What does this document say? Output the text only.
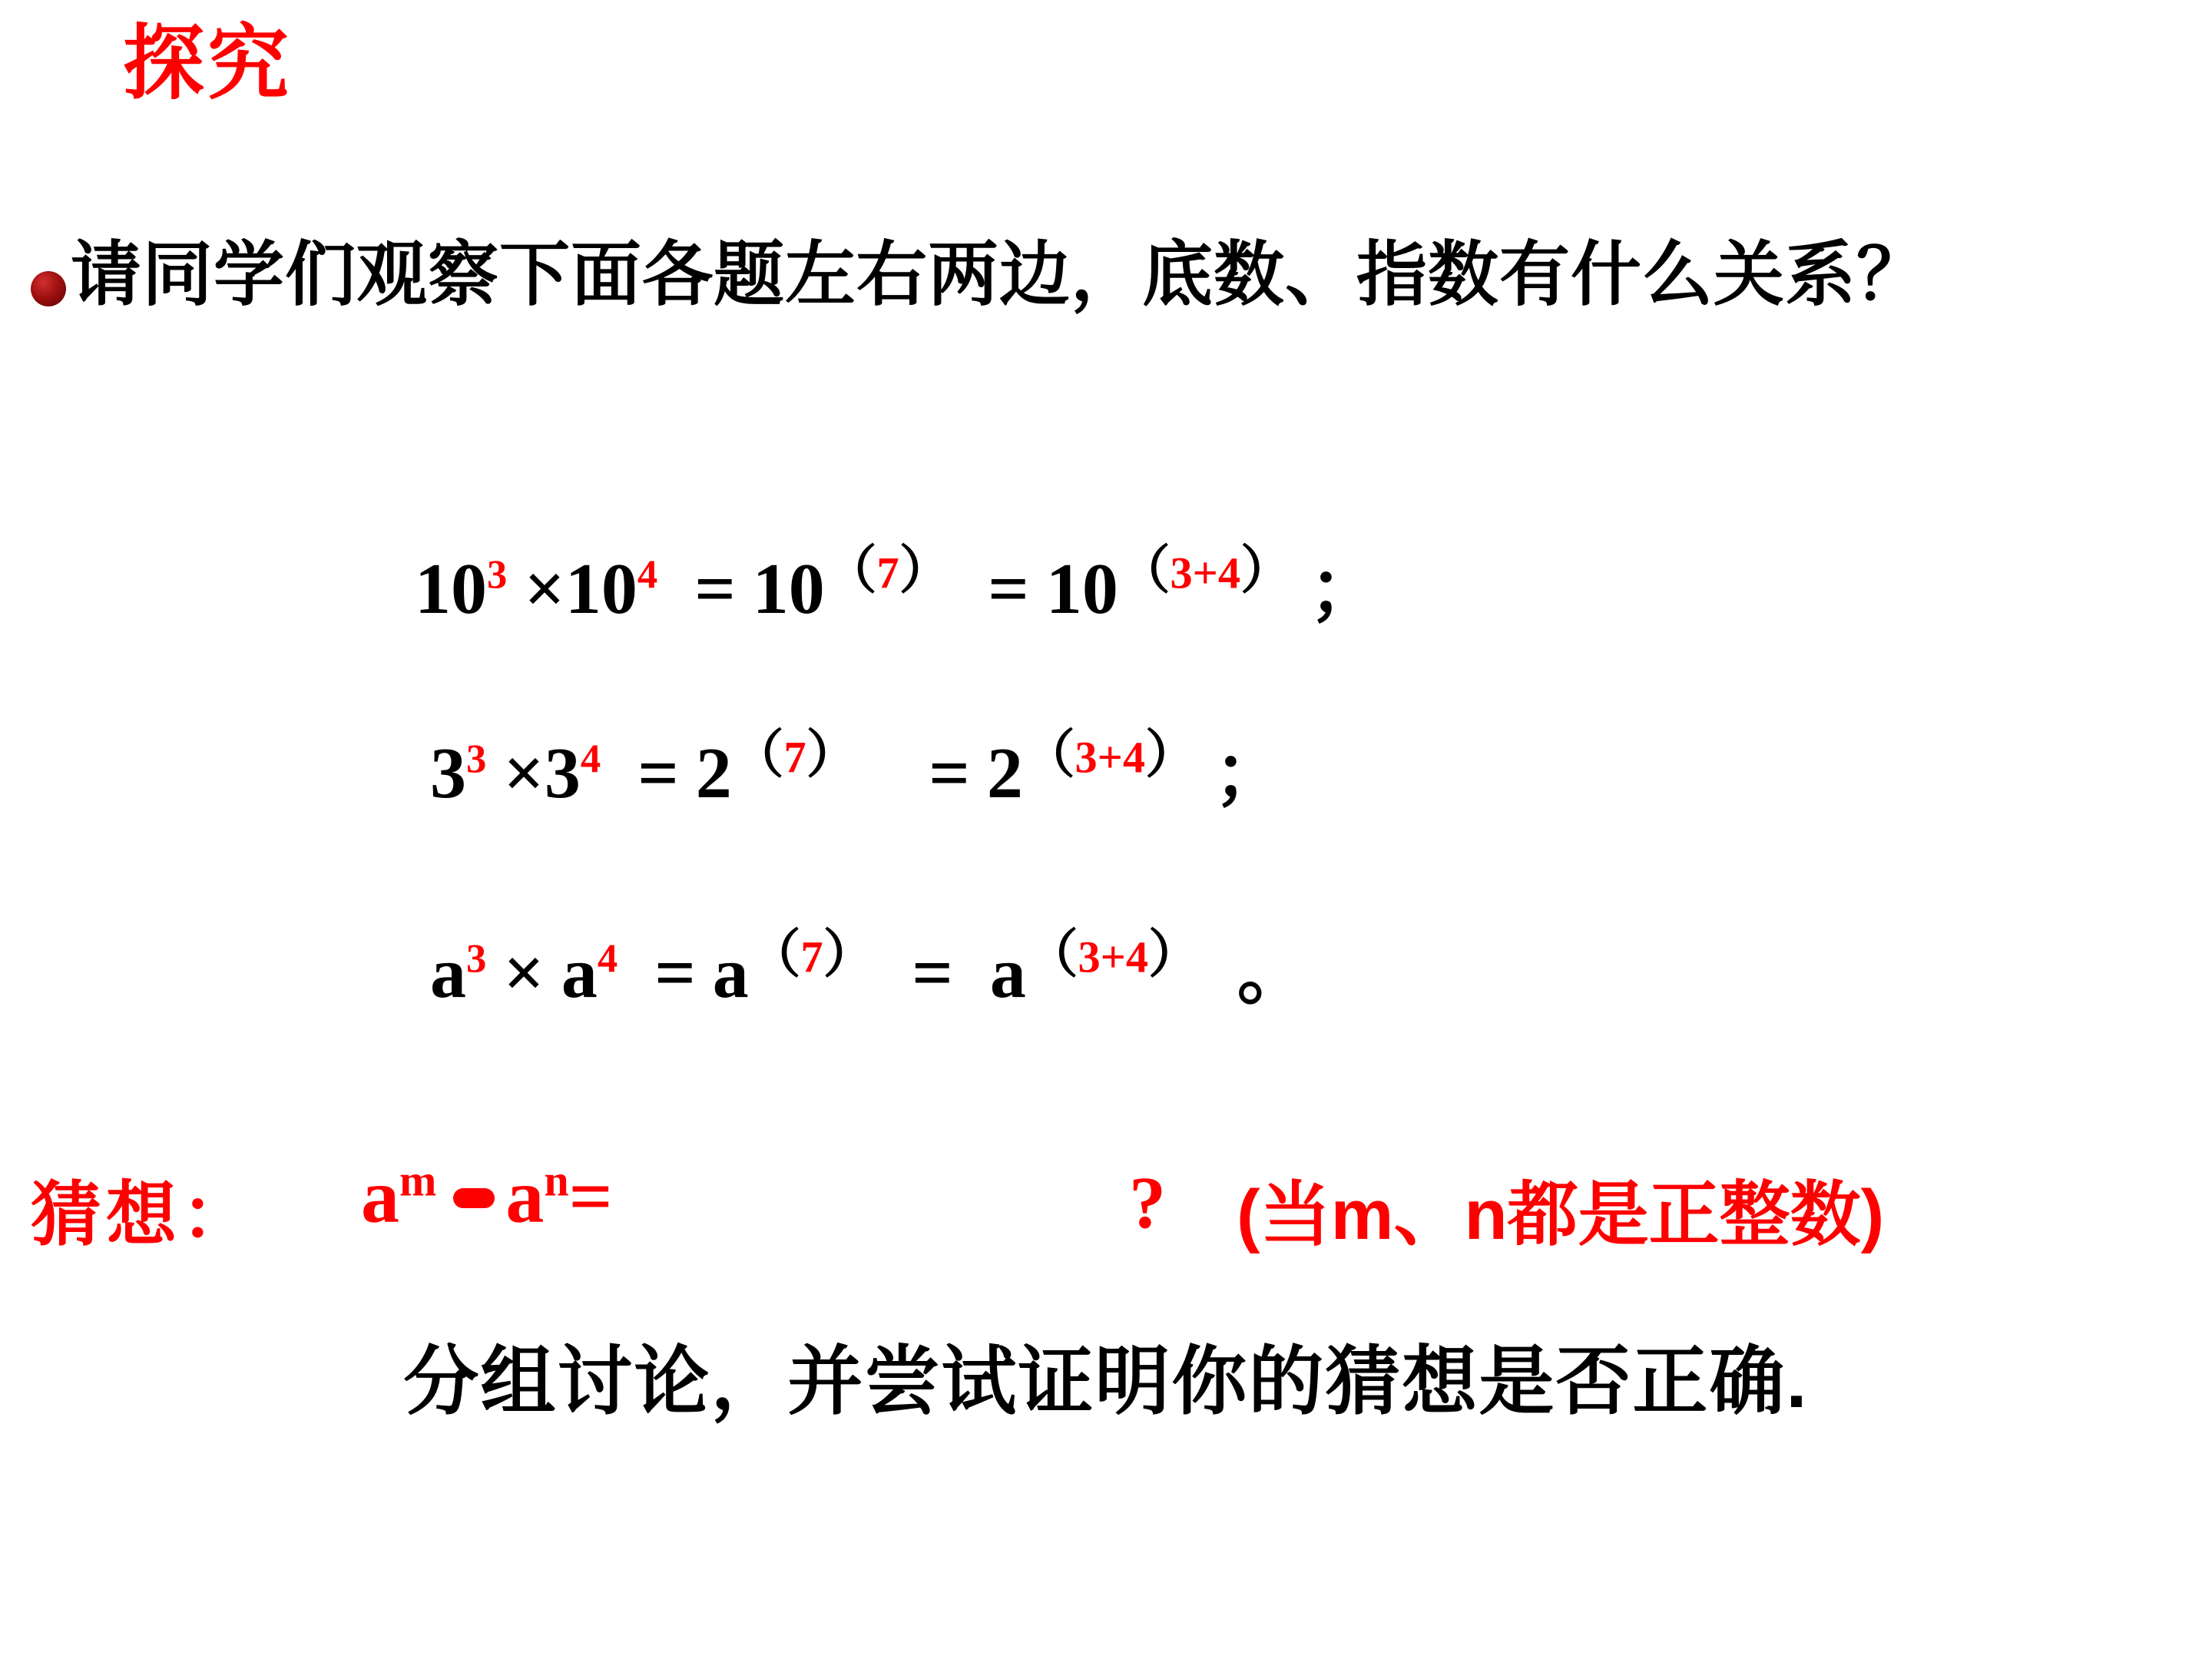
探究
请同学们观察下面各题左右两边，底数、指数有什么关系？
$10^3 \times 10^4 = 10^{(7)} = 10^{(3+4)}$ ；
$3^3 \times 3^4 = 2^{(7)} = 2^{(3+4)}$ ；
$a^3 \times a^4 = a^{(7)} = a^{(3+4)}$ 。
猜想： $a^m$ $a^n=$	? (当m、n都是正整数)
分组讨论，并尝试证明你的猜想是否正确.
